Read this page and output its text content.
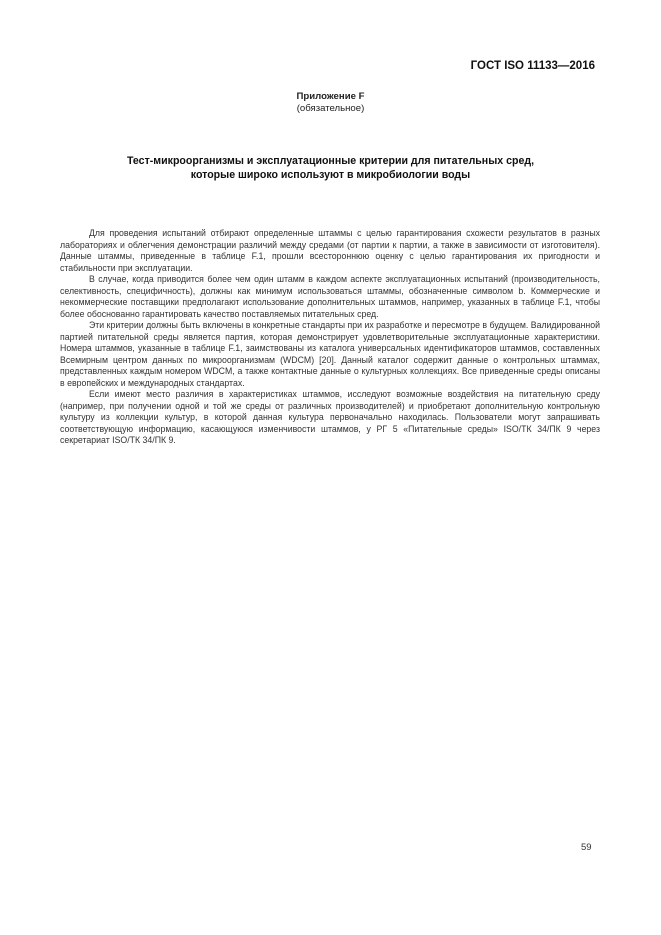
ГОСТ ISO 11133—2016
Приложение F
(обязательное)
Тест-микроорганизмы и эксплуатационные критерии для питательных сред,
которые широко используют в микробиологии воды

Для проведения испытаний отбирают определенные штаммы с целью гарантирования схожести результатов в разных лабораториях и облегчения демонстрации различий между средами (от партии к партии, а также в зависимости от изготовителя). Данные штаммы, приведенные в таблице F.1, прошли всестороннюю оценку с целью гарантирования их пригодности и стабильности при эксплуатации.

В случае, когда приводится более чем один штамм в каждом аспекте эксплуатационных испытаний (производительность, селективность, специфичность), должны как минимум использоваться штаммы, обозначенные символом b. Коммерческие и некоммерческие поставщики предполагают использование дополнительных штаммов, например, указанных в таблице F.1, чтобы более обоснованно гарантировать качество поставляемых питательных сред.

Эти критерии должны быть включены в конкретные стандарты при их разработке и пересмотре в будущем. Валидированной партией питательной среды является партия, которая демонстрирует удовлетворительные эксплуатационные характеристики. Номера штаммов, указанные в таблице F.1, заимствованы из каталога универсальных идентификаторов штаммов, составленных Всемирным центром данных по микроорганизмам (WDCM) [20]. Данный каталог содержит данные о контрольных штаммах, представленных каждым номером WDCM, а также контактные данные о культурных коллекциях. Все приведенные среды описаны в европейских и международных стандартах.

Если имеют место различия в характеристиках штаммов, исследуют возможные воздействия на питательную среду (например, при получении одной и той же среды от различных производителей) и приобретают дополнительную контрольную культуру из коллекции культур, в которой данная культура первоначально находилась. Пользователи могут запрашивать соответствующую информацию, касающуюся изменчивости штаммов, у РГ 5 «Питательные среды» ISO/ТК 34/ПК 9 через секретариат ISO/ТК 34/ПК 9.

59
